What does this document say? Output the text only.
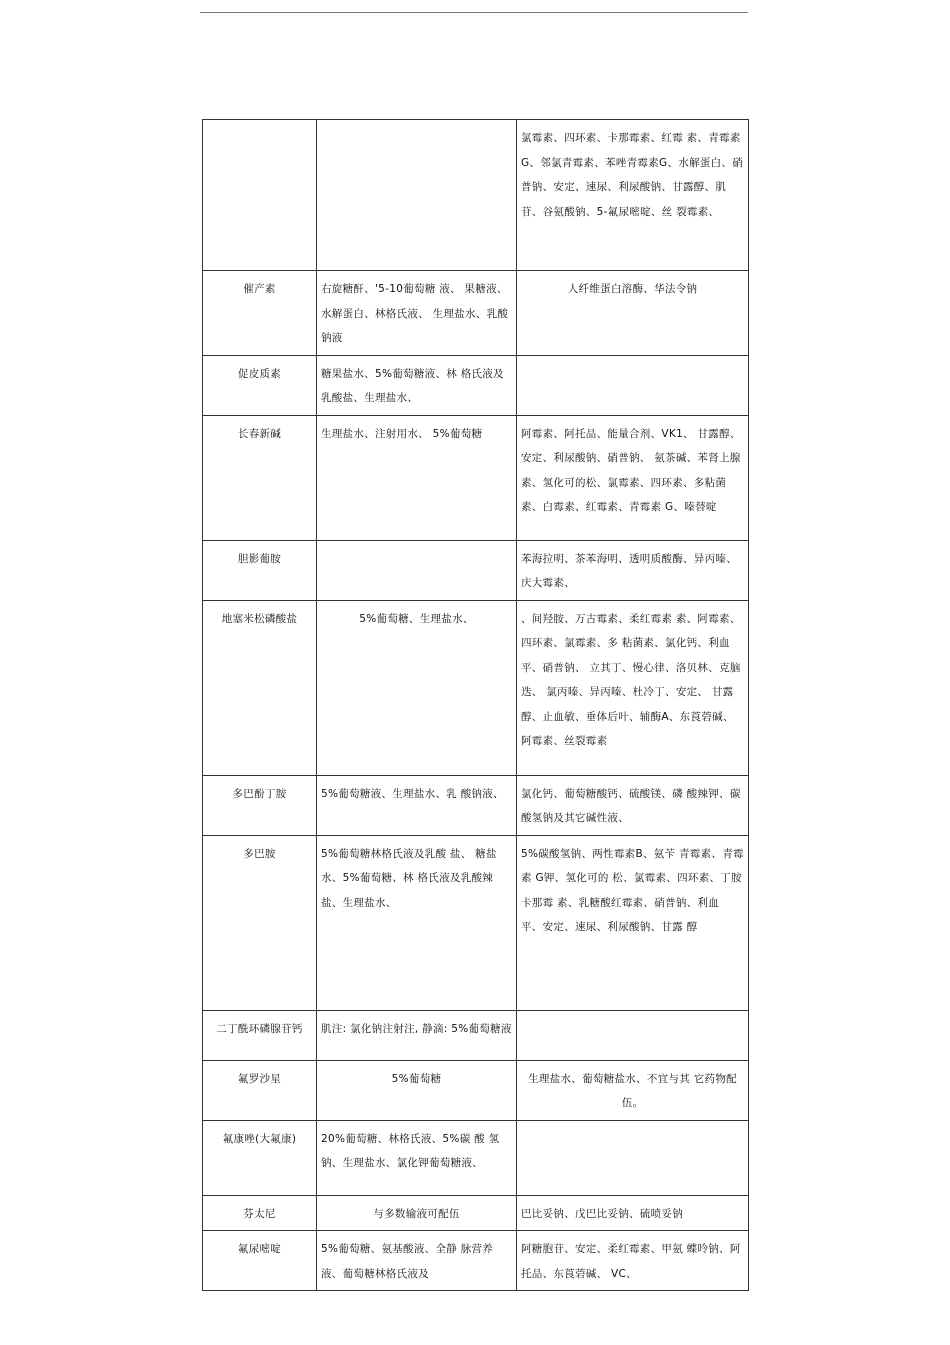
		氯霉素、四环素、卡那霉素、红霉 素、青霉素G、邻氯青霉素、苯唑青霉素G、水解蛋白、硝普钠、安定、速尿、利尿酸钠、甘露醇、肌 苷、谷氨酸钠、5-氟尿嘧啶、丝 裂霉素、
催产素	右旋糖酐、'5-10葡萄糖 液、 果糖液、水解蛋白、林格氏液、 生理盐水、乳酸钠液	人纤维蛋白溶酶、华法令钠
促皮质素	糖果盐水、5%葡萄糖液、林 格氏液及乳酸盐、生理盐水、	
长春新碱	生理盐水、注射用水、 5%葡萄糖	阿霉素、阿托品、能量合剂、VK1、 甘露醇、安定、利尿酸钠、硝普钠、 氨茶碱、苯肾上腺素、氢化可的松、氯霉素、四环素、多粘菌素、白霉素、红霉素、青霉素 G、嗪替啶
胆影葡胺		苯海拉明、茶苯海明、透明质酸酶、异丙嗪、庆大霉素、
地塞米松磷酸盐	5%葡萄糖、生理盐水、	、间羟胺、万古霉素、柔红霉素 素、阿霉素、四环素、氯霉素、多 粘菌素、氯化钙、利血平、硝普钠、 立其丁、慢心律、洛贝林、克脑迭、 氯丙嗪、异丙嗪、杜冷丁、安定、 甘露醇、止血敏、垂体后叶、辅酶A、东莨菪碱、阿霉素、丝裂霉素
多巴酚丁胺	5%葡萄糖液、生理盐水、乳 酸钠液、	氯化钙、葡萄糖酸钙、硫酸镁、磷 酸辣钾、碳酸氢钠及其它碱性液、
多巴胺	5%葡萄糖林格氏液及乳酸 盐、 糖盐水、5%葡萄糖、林 格氏液及乳酸辣盐、生理盐水、	5%碳酸氢钠、两性霉素B、氨苄 青霉素、青霉素 G钾、氢化可的 松、氯霉素、四环素、丁胺卡那霉 素、乳糖酸红霉素、硝普钠、利血 平、安定、速尿、利尿酸钠、甘露 醇
二丁酰环磷腺苷钙	肌注: 氯化钠注射注, 静滴: 5%葡萄糖液	
氟罗沙星	5%葡萄糖	生理盐水、葡萄糖盐水、不宜与其 它药物配伍。
氟康唑(大氟康)	20%葡萄糖、林格氏液、5%碳 酸 氢钠、生理盐水、氯化钾葡萄糖液、	
芬太尼	与多数输液可配伍	巴比妥钠、戊巴比妥钠、硫喷妥钠
氟尿嘧啶	5%葡萄糖、氨基酸液、全静 脉营养液、葡萄糖林格氏液及	阿糖胞苷、安定、柔红霉素、甲氨 蝶呤钠、阿托品、东莨菪碱、 VC、
